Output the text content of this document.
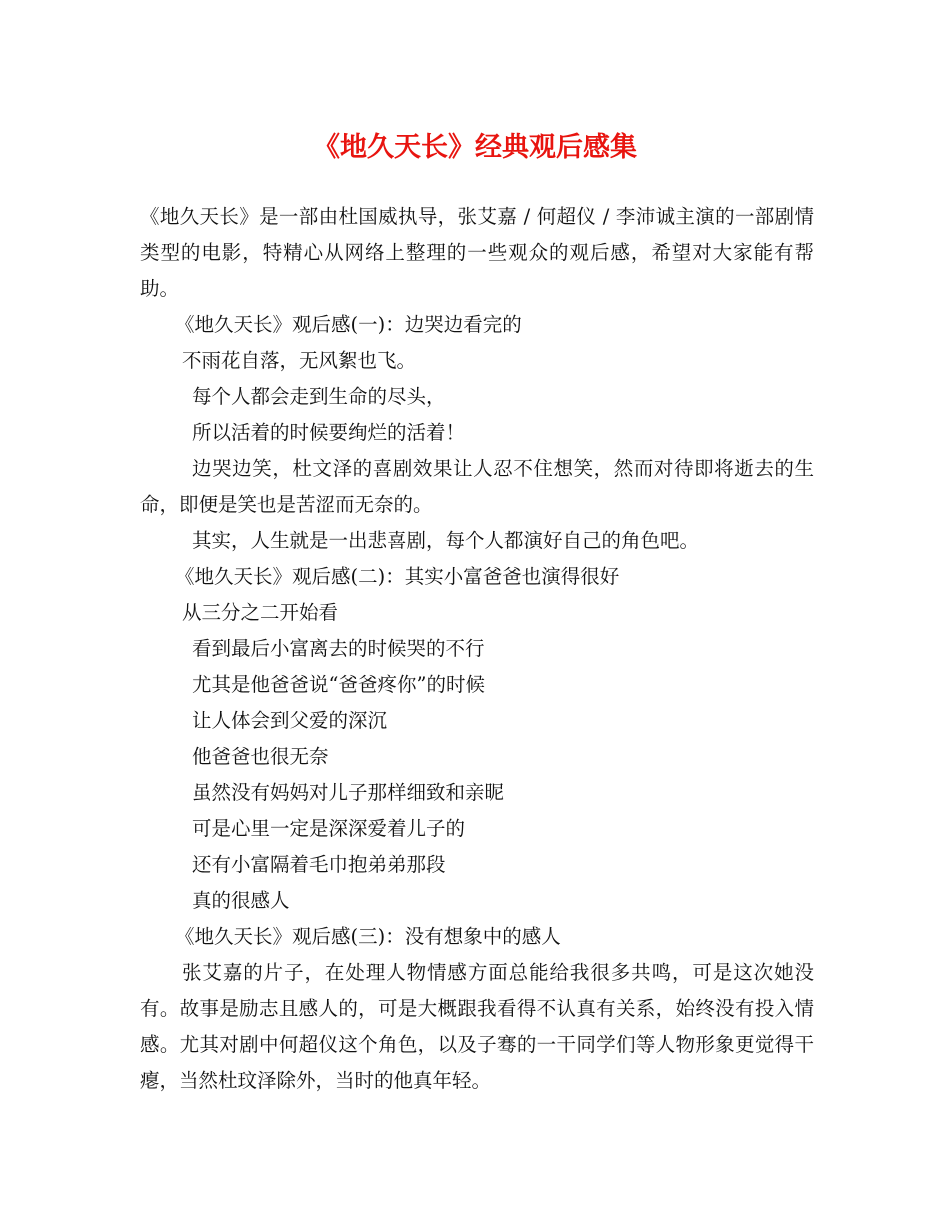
《地久天长》经典观后感集

《地久天长》是一部由杜国威执导，张艾嘉 / 何超仪 / 李沛诚主演的一部剧情类型的电影，特精心从网络上整理的一些观众的观后感，希望对大家能有帮助。

《地久天长》观后感(一)：边哭边看完的

不雨花自落，无风絮也飞。

每个人都会走到生命的尽头，

所以活着的时候要绚烂的活着！

边哭边笑，杜文泽的喜剧效果让人忍不住想笑，然而对待即将逝去的生命，即便是笑也是苦涩而无奈的。

其实，人生就是一出悲喜剧，每个人都演好自己的角色吧。

《地久天长》观后感(二)：其实小富爸爸也演得很好

从三分之二开始看

看到最后小富离去的时候哭的不行

尤其是他爸爸说“爸爸疼你”的时候

让人体会到父爱的深沉

他爸爸也很无奈

虽然没有妈妈对儿子那样细致和亲昵

可是心里一定是深深爱着儿子的

还有小富隔着毛巾抱弟弟那段

真的很感人

《地久天长》观后感(三)：没有想象中的感人

张艾嘉的片子，在处理人物情感方面总能给我很多共鸣，可是这次她没有。故事是励志且感人的，可是大概跟我看得不认真有关系，始终没有投入情感。尤其对剧中何超仪这个角色，以及子骞的一干同学们等人物形象更觉得干瘪，当然杜玟泽除外，当时的他真年轻。
